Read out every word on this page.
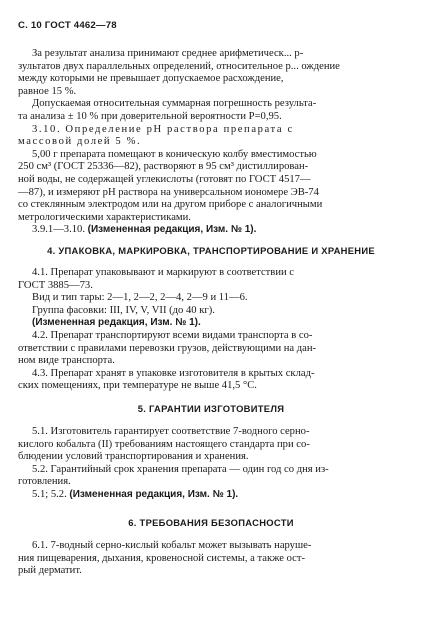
С. 10 ГОСТ 4462—78
За результат анализа принимают среднее арифметическ... р-
зультатов двух параллельных определений, относительное р... ождение
между которыми не превышает допускаемое расхождение,
равное 15 %.
Допускаемая относительная суммарная погрешность результа-
та анализа ± 10 % при доверительной вероятности Р=0,95.
3.10. Определение pH раствора препарата с
массовой долей 5 %.
5,00 г препарата помещают в коническую колбу вместимостью
250 см³ (ГОСТ 25336—82), растворяют в 95 см³ дистиллирован-
ной воды, не содержащей углекислоты (готовят по ГОСТ 4517—
—87), и измеряют pH раствора на универсальном иономере ЭВ-74
со стеклянным электродом или на другом приборе с аналогичными
метрологическими характеристиками.
3.9.1—3.10. (Измененная редакция, Изм. № 1).
4. УПАКОВКА, МАРКИРОВКА, ТРАНСПОРТИРОВАНИЕ И ХРАНЕНИЕ
4.1. Препарат упаковывают и маркируют в соответствии с
ГОСТ 3885—73.
Вид и тип тары: 2—1, 2—2, 2—4, 2—9 и 11—6.
Группа фасовки: III, IV, V, VII (до 40 кг).
(Измененная редакция, Изм. № 1).
4.2. Препарат транспортируют всеми видами транспорта в со-
ответствии с правилами перевозки грузов, действующими на дан-
ном виде транспорта.
4.3. Препарат хранят в упаковке изготовителя в крытых склад-
ских помещениях, при температуре не выше 41,5 °С.
5. ГАРАНТИИ ИЗГОТОВИТЕЛЯ
5.1. Изготовитель гарантирует соответствие 7-водного серно-
кислого кобальта (II) требованиям настоящего стандарта при со-
блюдении условий транспортирования и хранения.
5.2. Гарантийный срок хранения препарата — один год со дня из-
готовления.
5.1; 5.2. (Измененная редакция, Изм. № 1).
6. ТРЕБОВАНИЯ БЕЗОПАСНОСТИ
6.1. 7-водный серно-кислый кобальт может вызывать наруше-
ния пищеварения, дыхания, кровеносной системы, а также ост-
рый дерматит.
